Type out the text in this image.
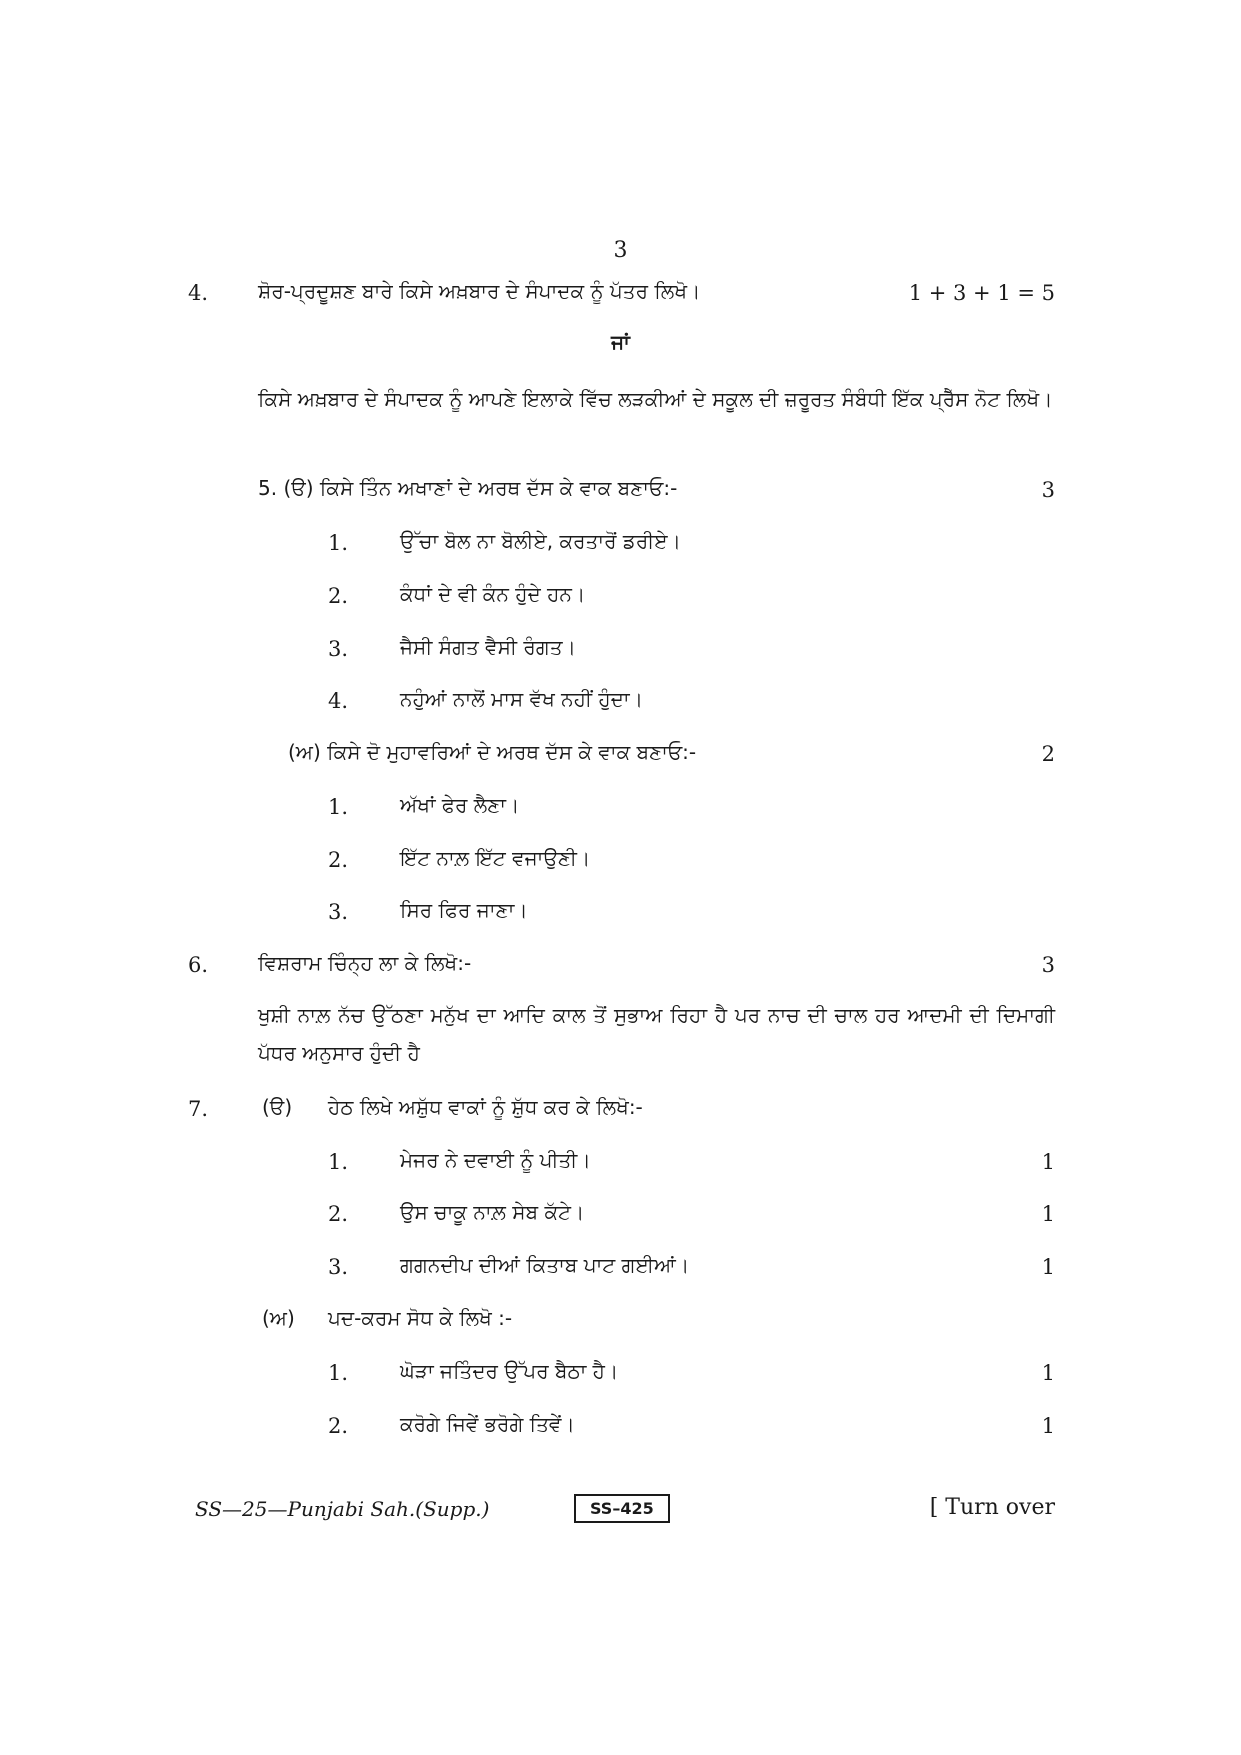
3
4. ਸ਼ੋਰ-ਪ੍ਰਦੂਸ਼ਣ ਬਾਰੇ ਕਿਸੇ ਅਖ਼ਬਾਰ ਦੇ ਸੰਪਾਦਕ ਨੂੰ ਪੱਤਰ ਲਿਖੋ।	1 + 3 + 1 = 5
ਜਾਂ
ਕਿਸੇ ਅਖ਼ਬਾਰ ਦੇ ਸੰਪਾਦਕ ਨੂੰ ਆਪਣੇ ਇਲਾਕੇ ਵਿੱਚ ਲੜਕੀਆਂ ਦੇ ਸਕੂਲ ਦੀ ਜ਼ਰੂਰਤ ਸੰਬੰਧੀ ਇੱਕ ਪ੍ਰੈੱਸ ਨੋਟ ਲਿਖੋ।
5. (ੳ) ਕਿਸੇ ਤਿੰਨ ਅਖਾਣਾਂ ਦੇ ਅਰਥ ਦੱਸ ਕੇ ਵਾਕ ਬਣਾਓ:-	3
1.	ਉੱਚਾ ਬੋਲ ਨਾ ਬੋਲੀਏ, ਕਰਤਾਰੋਂ ਡਰੀਏ।
2.	ਕੰਧਾਂ ਦੇ ਵੀ ਕੰਨ ਹੁੰਦੇ ਹਨ।
3.	ਜੈਸੀ ਸੰਗਤ ਵੈਸੀ ਰੰਗਤ।
4.	ਨਹੁੰਆਂ ਨਾਲੋਂ ਮਾਸ ਵੱਖ ਨਹੀਂ ਹੁੰਦਾ।
(ਅ) ਕਿਸੇ ਦੋ ਮੁਹਾਵਰਿਆਂ ਦੇ ਅਰਥ ਦੱਸ ਕੇ ਵਾਕ ਬਣਾਓ:-	2
1.	ਅੱਖਾਂ ਫੇਰ ਲੈਣਾ।
2.	ਇੱਟ ਨਾਲ਼ ਇੱਟ ਵਜਾਉਣੀ।
3.	ਸਿਰ ਫਿਰ ਜਾਣਾ।
6. ਵਿਸ਼ਰਾਮ ਚਿੰਨ੍ਹ ਲਾ ਕੇ ਲਿਖੋ:-	3
ਖੁਸ਼ੀ ਨਾਲ਼ ਨੱਚ ਉੱਠਣਾ ਮਨੁੱਖ ਦਾ ਆਦਿ ਕਾਲ ਤੋਂ ਸੁਭਾਅ ਰਿਹਾ ਹੈ ਪਰ ਨਾਚ ਦੀ ਚਾਲ ਹਰ ਆਦਮੀ ਦੀ ਦਿਮਾਗੀ ਪੱਧਰ ਅਨੁਸਾਰ ਹੁੰਦੀ ਹੈ
7.	(ੳ) ਹੇਠ ਲਿਖੇ ਅਸ਼ੁੱਧ ਵਾਕਾਂ ਨੂੰ ਸ਼ੁੱਧ ਕਰ ਕੇ ਲਿਖੋ:-
1.	ਮੇਜਰ ਨੇ ਦਵਾਈ ਨੂੰ ਪੀਤੀ।	1
2.	ਉਸ ਚਾਕੂ ਨਾਲ਼ ਸੇਬ ਕੱਟੇ।	1
3.	ਗਗਨਦੀਪ ਦੀਆਂ ਕਿਤਾਬ ਪਾਟ ਗਈਆਂ।	1
(ਅ) ਪਦ-ਕਰਮ ਸੋਧ ਕੇ ਲਿਖੋ :-
1.	ਘੋੜਾ ਜਤਿੰਦਰ ਉੱਪਰ ਬੈਠਾ ਹੈ।	1
2.	ਕਰੋਗੇ ਜਿਵੇਂ ਭਰੋਗੇ ਤਿਵੇਂ।	1
SS—25—Punjabi Sah.(Supp.)	SS–425	[ Turn over
